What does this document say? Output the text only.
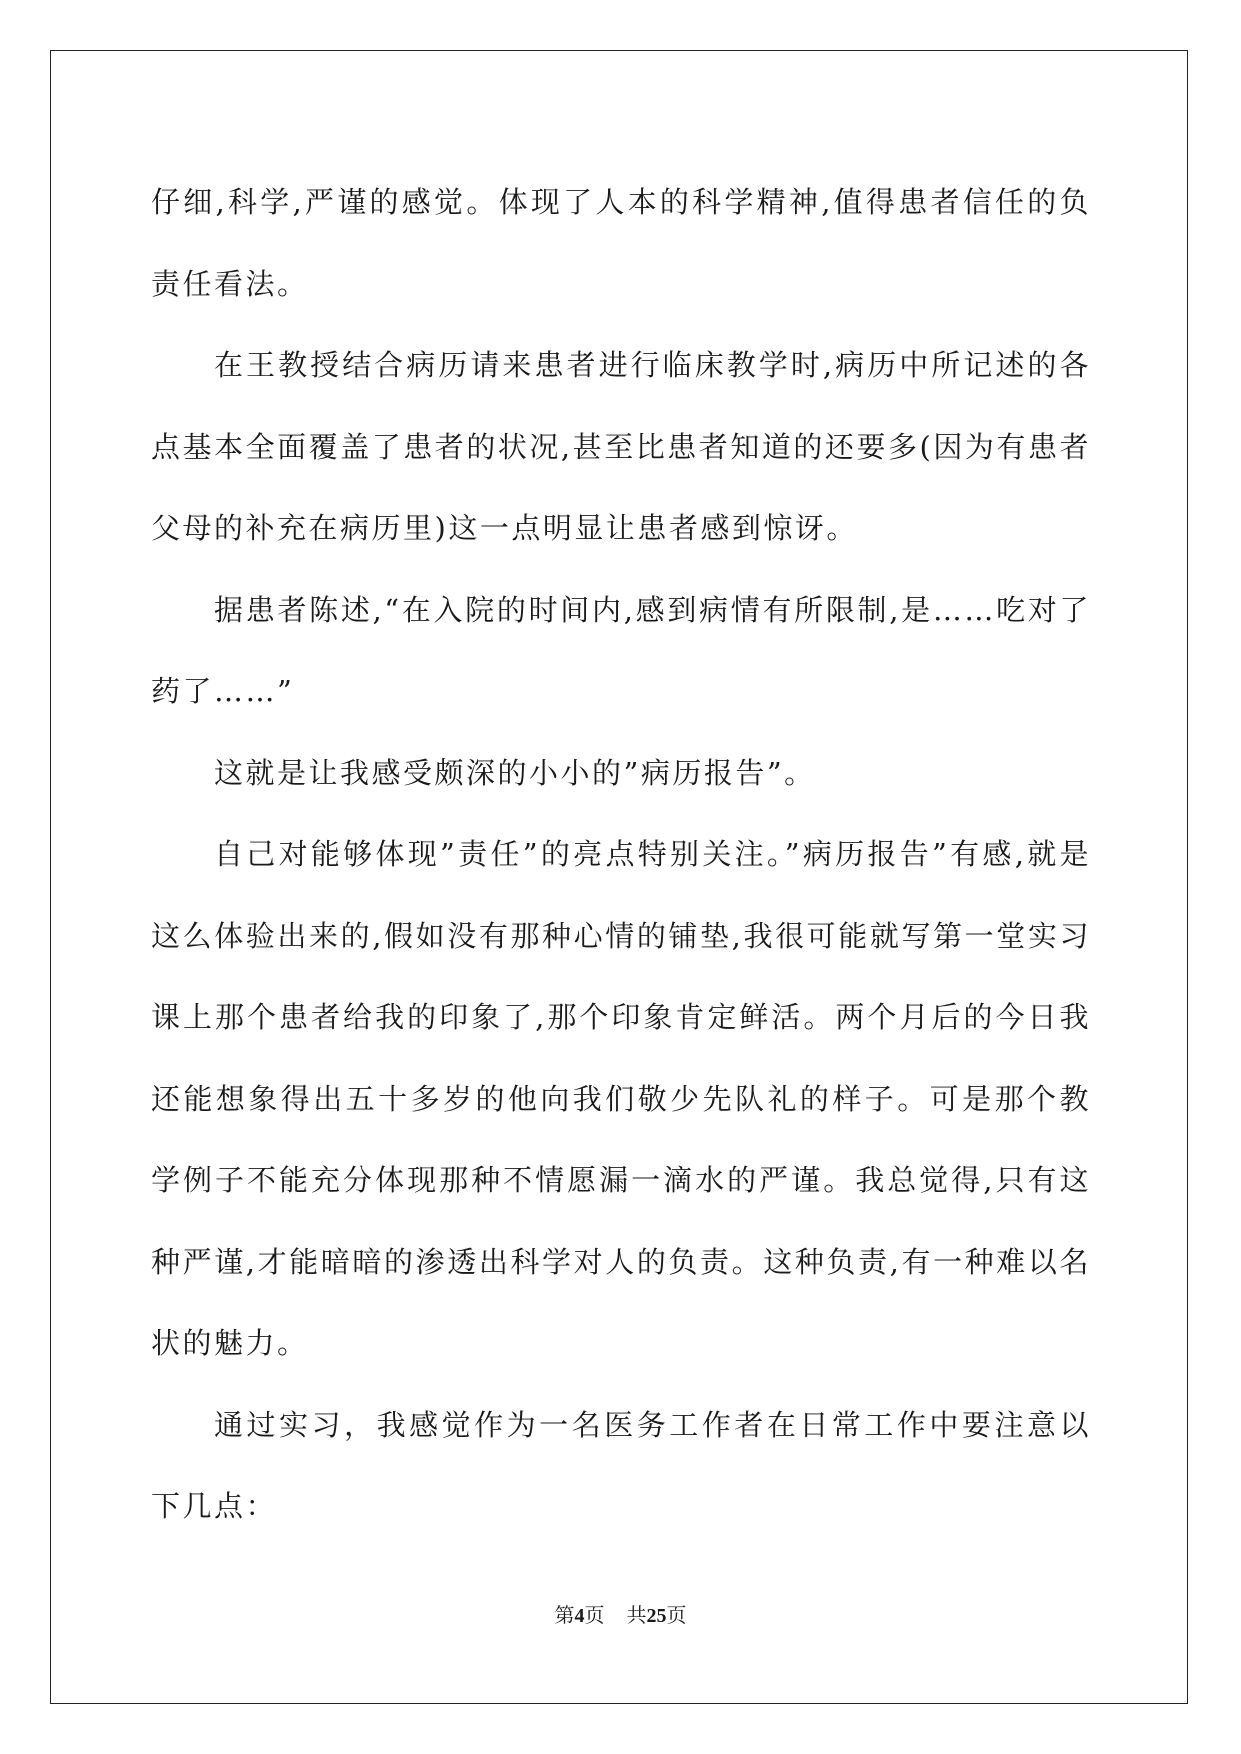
仔细,科学,严谨的感觉。体现了人本的科学精神,值得患者信任的负责任看法。

在王教授结合病历请来患者进行临床教学时,病历中所记述的各点基本全面覆盖了患者的状况,甚至比患者知道的还要多(因为有患者父母的补充在病历里)这一点明显让患者感到惊讶。

据患者陈述,“在入院的时间内,感到病情有所限制,是……吃对了药了……”

这就是让我感受颇深的小小的”病历报告”。

自己对能够体现”责任”的亮点特别关注。”病历报告”有感,就是这么体验出来的,假如没有那种心情的铺垫,我很可能就写第一堂实习课上那个患者给我的印象了,那个印象肯定鲜活。两个月后的今日我还能想象得出五十多岁的他向我们敬少先队礼的样子。可是那个教学例子不能充分体现那种不情愿漏一滴水的严谨。我总觉得,只有这种严谨,才能暗暗的渗透出科学对人的负责。这种负责,有一种难以名状的魅力。

通过实习，我感觉作为一名医务工作者在日常工作中要注意以下几点：

第4页 共25页
